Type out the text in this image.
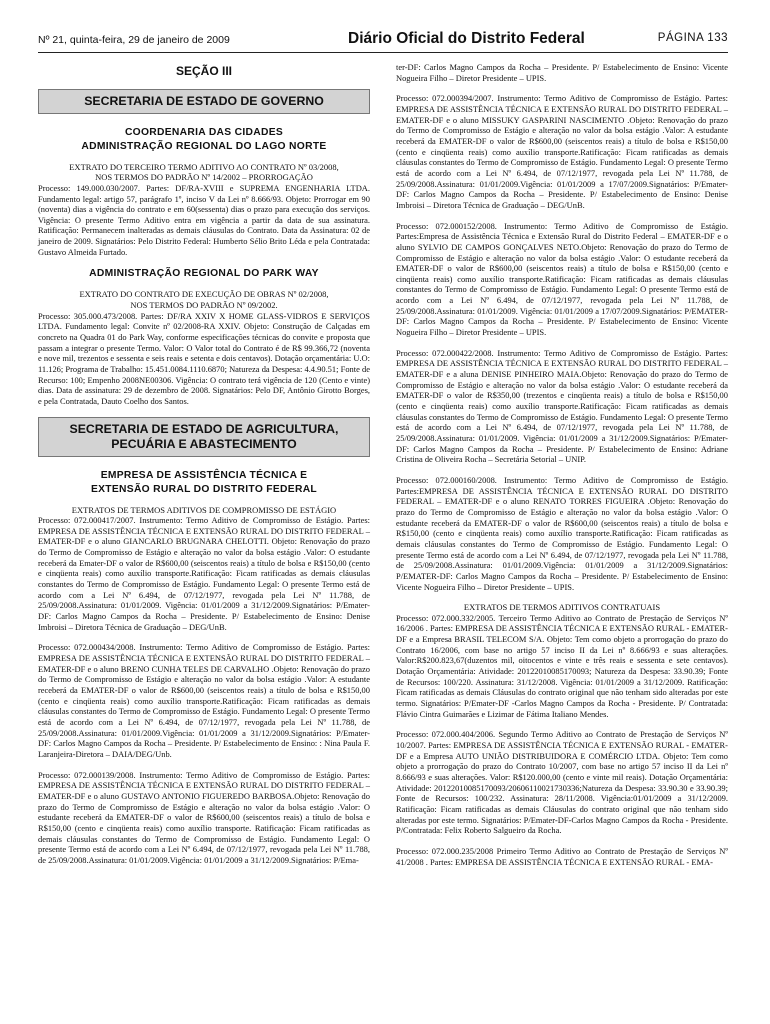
Nº 21, quinta-feira, 29 de janeiro de 2009	Diário Oficial do Distrito Federal	PÁGINA 133
SEÇÃO III
SECRETARIA DE ESTADO DE GOVERNO
COORDENARIA DAS CIDADES
ADMINISTRAÇÃO REGIONAL DO LAGO NORTE
EXTRATO DO TERCEIRO TERMO ADITIVO AO CONTRATO Nº 03/2008,
NOS TERMOS DO PADRÃO Nº 14/2002 – PRORROGAÇÃO

Processo: 149.000.030/2007. Partes: DF/RA-XVIII e SUPREMA ENGENHARIA LTDA. Fundamento legal: artigo 57, parágrafo 1º, inciso V da Lei nº 8.666/93. Objeto: Prorrogar em 90 (noventa) dias a vigência do contrato e em 60(sessenta) dias o prazo para execução dos serviços. Vigência: O presente Termo Aditivo entra em vigência a partir da data de sua assinatura. Ratificação: Permanecem inalteradas as demais cláusulas do Contrato. Data da Assinatura: 02 de janeiro de 2009. Signatários: Pelo Distrito Federal: Humberto Sélio Brito Léda e pela Contratada: Gustavo Almeida Furtado.

ADMINISTRAÇÃO REGIONAL DO PARK WAY
EXTRATO DO CONTRATO DE EXECUÇÃO DE OBRAS Nº 02/2008,
NOS TERMOS DO PADRÃO Nº 09/2002.

Processo: 305.000.473/2008. Partes: DF/RA XXIV X HOME GLASS-VIDROS E SERVIÇOS LTDA. Fundamento legal: Convite nº 02/2008-RA XXIV. Objeto: Construção de Calçadas em concreto na Quadra 01 do Park Way, conforme especificações técnicas do convite e proposta que passam a integrar o presente Termo. Valor: O Valor total do Contrato é de R$ 99.366,72 (noventa e nove mil, trezentos e sessenta e seis reais e setenta e dois centavos). Dotação orçamentária: U.O: 11.126; Programa de Trabalho: 15.451.0084.1110.6870; Natureza da Despesa: 4.4.90.51; Fonte de Recurso: 100; Empenho 2008NE00306. Vigência: O contrato terá vigência de 120 (Cento e vinte) dias. Data de assinatura: 29 de dezembro de 2008. Signatários: Pelo DF, Antônio Girotto Borges, e pela Contratada, Dauto Coelho dos Santos.

SECRETARIA DE ESTADO DE AGRICULTURA, PECUÁRIA E ABASTECIMENTO
EMPRESA DE ASSISTÊNCIA TÉCNICA E
EXTENSÃO RURAL DO DISTRITO FEDERAL
EXTRATOS DE TERMOS ADITIVOS DE COMPROMISSO DE ESTÁGIO

Processo: 072.000417/2007. Instrumento: Termo Aditivo de Compromisso de Estágio. Partes: EMPRESA DE ASSISTÊNCIA TÉCNICA E EXTENSÃO RURAL DO DISTRITO FEDERAL – EMATER-DF e o aluno GIANCARLO BRUGNARA CHELOTTI. Objeto: Renovação do prazo do Termo de Compromisso de Estágio e alteração no valor da bolsa estágio .Valor: O estudante receberá da Emater-DF o valor de R$600,00 (seiscentos reais) a título de bolsa e R$150,00 (cento e cinqüenta reais) como auxílio transporte.Ratificação: Ficam ratificadas as demais cláusulas constantes do Termo de Compromisso de Estágio. Fundamento Legal: O presente Termo está de acordo com a Lei Nº 6.494, de 07/12/1977, revogada pela Lei Nº 11.788, de 25/09/2008.Assinatura: 01/01/2009. Vigência: 01/01/2009 a 31/12/2009.Signatários: P/Emater-DF: Carlos Magno Campos da Rocha – Presidente. P/ Estabelecimento de Ensino: Denise Imbroisi – Diretora Técnica de Graduação – DEG/UnB.

Processo: 072.000434/2008. Instrumento: Termo Aditivo de Compromisso de Estágio. Partes: EMPRESA DE ASSISTÊNCIA TÉCNICA E EXTENSÃO RURAL DO DISTRITO FEDERAL – EMATER-DF e o aluno BRENO CUNHA TELES DE CARVALHO .Objeto: Renovação do prazo do Termo de Compromisso de Estágio e alteração no valor da bolsa estágio .Valor: A estudante receberá da EMATER-DF o valor de R$600,00 (seiscentos reais) a título de bolsa e R$150,00 (cento e cinqüenta reais) como auxílio transporte.Ratificação: Ficam ratificadas as demais cláusulas constantes do Termo de Compromisso de Estágio. Fundamento Legal: O presente Termo está de acordo com a Lei Nº 6.494, de 07/12/1977, revogada pela Lei Nº 11.788, de 25/09/2008.Assinatura: 01/01/2009.Vigência: 01/01/2009 a 31/12/2009.Signatários: P/Emater-DF: Carlos Magno Campos da Rocha – Presidente. P/ Estabelecimento de Ensino: : Nina Paula F. Laranjeira-Diretora – DAIA/DEG/Unb.

Processo: 072.000139/2008. Instrumento: Termo Aditivo de Compromisso de Estágio. Partes: EMPRESA DE ASSISTÊNCIA TÉCNICA E EXTENSÃO RURAL DO DISTRITO FEDERAL – EMATER-DF e o aluno GUSTAVO ANTONIO FIGUEREDO BARBOSA.Objeto: Renovação do prazo do Termo de Compromisso de Estágio e alteração no valor da bolsa estágio .Valor: O estudante receberá da EMATER-DF o valor de R$600,00 (seiscentos reais) a título de bolsa e R$150,00 (cento e cinqüenta reais) como auxílio transporte. Ratificação: Ficam ratificadas as demais cláusulas constantes do Termo de Compromisso de Estágio. Fundamento Legal: O presente Termo está de acordo com a Lei Nº 6.494, de 07/12/1977, revogada pela Lei Nº 11.788, de 25/09/2008.Assinatura: 01/01/2009.Vigência: 01/01/2009 a 31/12/2009.Signatários: P/Ema-

ter-DF: Carlos Magno Campos da Rocha – Presidente. P/ Estabelecimento de Ensino: Vicente Nogueira Filho – Diretor Presidente – UPIS.

Processo: 072.000394/2007. Instrumento: Termo Aditivo de Compromisso de Estágio. Partes: EMPRESA DE ASSISTÊNCIA TÉCNICA E EXTENSÃO RURAL DO DISTRITO FEDERAL – EMATER-DF e o aluno MISSUKY GASPARINI NASCIMENTO .Objeto: Renovação do prazo do Termo de Compromisso de Estágio e alteração no valor da bolsa estágio .Valor: A estudante receberá da EMATER-DF o valor de R$600,00 (seiscentos reais) a título de bolsa e R$150,00 (cento e cinqüenta reais) como auxílio transporte.Ratificação: Ficam ratificadas as demais cláusulas constantes do Termo de Compromisso de Estágio. Fundamento Legal: O presente Termo está de acordo com a Lei Nº 6.494, de 07/12/1977, revogada pela Lei Nº 11.788, de 25/09/2008.Assinatura: 01/01/2009.Vigência: 01/01/2009 a 17/07/2009.Signatários: P/Emater-DF: Carlos Magno Campos da Rocha – Presidente. P/ Estabelecimento de Ensino: Denise Imbroisi – Diretora Técnica de Graduação – DEG/UnB.

Processo: 072.000152/2008. Instrumento: Termo Aditivo de Compromisso de Estágio. Partes:Empresa de Assistência Técnica e Extensão Rural do Distrito Federal – EMATER-DF e o aluno SYLVIO DE CAMPOS GONÇALVES NETO.Objeto: Renovação do prazo do Termo de Compromisso de Estágio e alteração no valor da bolsa estágio .Valor: O estudante receberá da EMATER-DF o valor de R$600,00 (seiscentos reais) a título de bolsa e R$150,00 (cento e cinqüenta reais) como auxílio transporte.Ratificação: Ficam ratificadas as demais cláusulas constantes do Termo de Compromisso de Estágio. Fundamento Legal: O presente Termo está de acordo com a Lei Nº 6.494, de 07/12/1977, revogada pela Lei Nº 11.788, de 25/09/2008.Assinatura: 01/01/2009. Vigência: 01/01/2009 a 17/07/2009.Signatários: P/EMATER-DF: Carlos Magno Campos da Rocha – Presidente. P/ Estabelecimento de Ensino: Vicente Nogueira Filho – Diretor Presidente – UPIS.

Processo: 072.000422/2008. Instrumento: Termo Aditivo de Compromisso de Estágio. Partes: EMPRESA DE ASSISTÊNCIA TÉCNICA E EXTENSÃO RURAL DO DISTRITO FEDERAL – EMATER-DF e a aluna DENISE PINHEIRO MAIA.Objeto: Renovação do prazo do Termo de Compromisso de Estágio e alteração no valor da bolsa estágio .Valor: O estudante receberá da EMATER-DF o valor de R$350,00 (trezentos e cinqüenta reais) a título de bolsa e R$150,00 (cento e cinqüenta reais) como auxílio transporte.Ratificação: Ficam ratificadas as demais cláusulas constantes do Termo de Compromisso de Estágio. Fundamento Legal: O presente Termo está de acordo com a Lei Nº 6.494, de 07/12/1977, revogada pela Lei Nº 11.788, de 25/09/2008.Assinatura: 01/01/2009. Vigência: 01/01/2009 a 31/12/2009.Signatários: P/Emater-DF: Carlos Magno Campos da Rocha – Presidente. P/ Estabelecimento de Ensino: Adriane Cristina de Oliveira Rocha – Secretária Setorial – UNIP.

Processo: 072.000160/2008. Instrumento: Termo Aditivo de Compromisso de Estágio. Partes:EMPRESA DE ASSISTÊNCIA TÉCNICA E EXTENSÃO RURAL DO DISTRITO FEDERAL – EMATER-DF e o aluno RENATO TORRES FIGUEIRA .Objeto: Renovação do prazo do Termo de Compromisso de Estágio e alteração no valor da bolsa estágio .Valor: O estudante receberá da EMATER-DF o valor de R$600,00 (seiscentos reais) a título de bolsa e R$150,00 (cento e cinqüenta reais) como auxílio transporte.Ratificação: Ficam ratificadas as demais cláusulas constantes do Termo de Compromisso de Estágio. Fundamento Legal: O presente Termo está de acordo com a Lei Nº 6.494, de 07/12/1977, revogada pela Lei Nº 11.788, de 25/09/2008.Assinatura: 01/01/2009.Vigência: 01/01/2009 a 31/12/2009.Signatários: P/EMATER-DF: Carlos Magno Campos da Rocha – Presidente. P/ Estabelecimento de Ensino: Vicente Nogueira Filho – Diretor Presidente – UPIS.

EXTRATOS DE TERMOS ADITIVOS CONTRATUAIS

Processo: 072.000.332/2005. Terceiro Termo Aditivo ao Contrato de Prestação de Serviços Nº 16/2006 . Partes: EMPRESA DE ASSISTÊNCIA TÉCNICA E EXTENSÃO RURAL - EMATER-DF e a Empresa BRASIL TELECOM S/A. Objeto: Tem como objeto a prorrogação do prazo do Contrato 16/2006, com base no artigo 57 inciso II da Lei nº 8.666/93 e suas alterações. Valor:R$200.823,67(duzentos mil, oitocentos e vinte e três reais e sessenta e sete centavos). Dotação Orçamentária: Atividade: 20122010085170093; Natureza da Despesa: 33.90.39; Fonte de Recursos: 100/220. Assinatura: 31/12/2008. Vigência: 01/01/2009 a 31/12/2009. Ratificação: Ficam ratificadas as demais Cláusulas do contrato original que não tenham sido alteradas por este termo. Signatários: P/Emater-DF -Carlos Magno Campos da Rocha - Presidente. P/ Contratada: Flávio Cintra Guimarães e Lizimar de Fátima Italiano Mendes.

Processo: 072.000.404/2006. Segundo Termo Aditivo ao Contrato de Prestação de Serviços Nº 10/2007. Partes: EMPRESA DE ASSISTÊNCIA TÉCNICA E EXTENSÃO RURAL - EMATER-DF e a Empresa AUTO UNIÃO DISTRIBUIDORA E COMÉRCIO LTDA. Objeto: Tem como objeto a prorrogação do prazo do Contrato 10/2007, com base no artigo 57 inciso II da Lei nº 8.666/93 e suas alterações. Valor: R$120.000,00 (cento e vinte mil reais). Dotação Orçamentária: Atividade: 20122010085170093/20606110021730336;Natureza da Despesa: 33.90.30 e 33.90.39; Fonte de Recursos: 100/232. Assinatura: 28/11/2008. Vigência:01/01/2009 a 31/12/2009. Ratificação: Ficam ratificadas as demais Cláusulas do contrato original que não tenham sido alteradas por este termo. Signatários: P/Emater-DF-Carlos Magno Campos da Rocha - Presidente. P/Contratada: Felix Roberto Salgueiro da Rocha.

Processo: 072.000.235/2008 Primeiro Termo Aditivo ao Contrato de Prestação de Serviços Nº 41/2008 . Partes: EMPRESA DE ASSISTÊNCIA TÉCNICA E EXTENSÃO RURAL - EMA-
